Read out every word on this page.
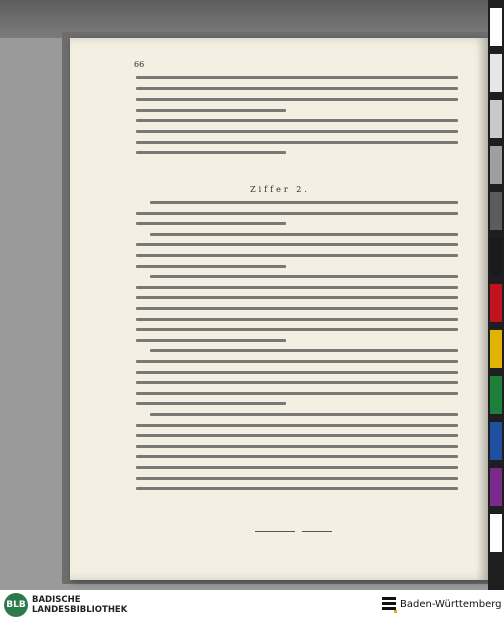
66
Ziffer 2.
BLB BADISCHE
LANDESBIBLIOTHEK	Baden-Württemberg
